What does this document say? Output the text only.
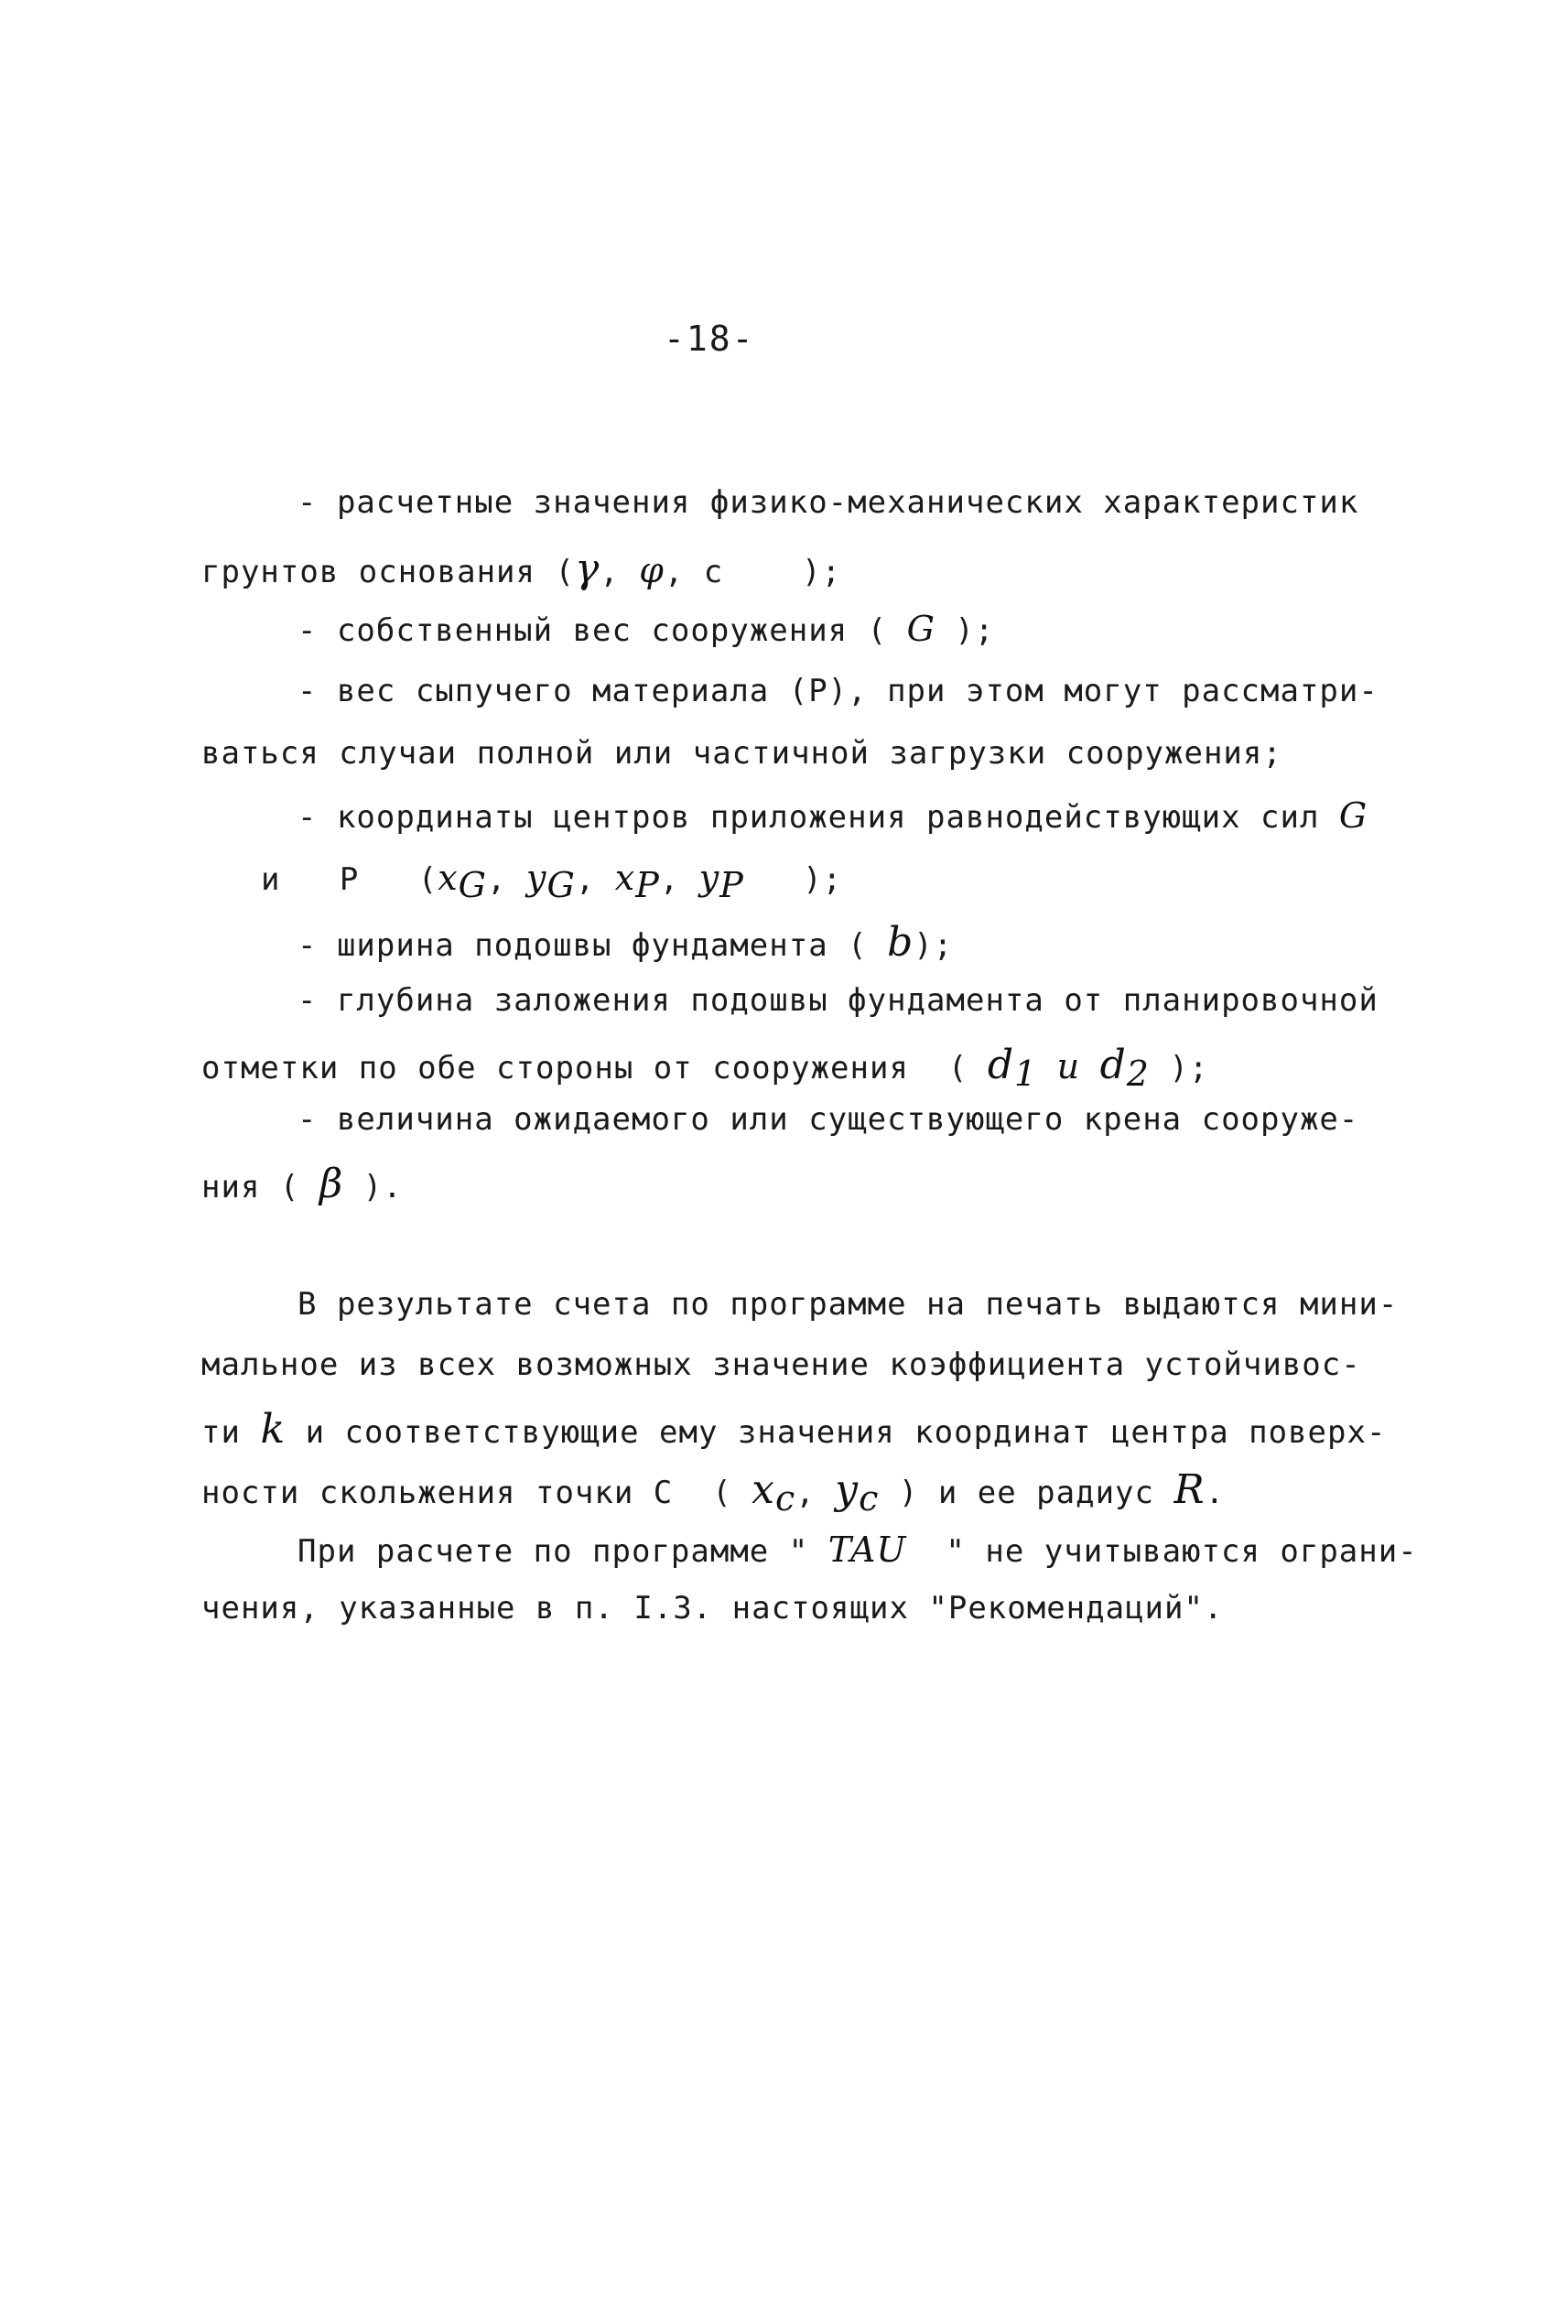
-18-
- расчетные значения физико-механических характеристик
грунтов основания (γ, φ, c	);
- собственный вес сооружения ( G );
- вес сыпучего материала (Р), при этом могут рассматри-
ваться случаи полной или частичной загрузки сооружения;
- координаты центров приложения равнодействующих сил G
и   Р   ($x_G$, $y_G$, $x_P$, $y_P$ );
- ширина подошвы фундамента ( b);
- глубина заложения подошвы фундамента от планировочной
отметки по обе стороны от сооружения  ( $d_1$ и $d_2$ );
- величина ожидаемого или существующего крена сооруже-
ния ( β ).
В результате счета по программе на печать выдаются мини-
мальное из всех возможных значение коэффициента устойчивос-
ти k и соответствующие ему значения координат центра поверх-
ности скольжения точки С  ( $x_c$, $y_c$ ) и ее радиус R.
При расчете по программе " TAU " не учитываются ограни-
чения, указанные в п. I.3. настоящих "Рекомендаций".
